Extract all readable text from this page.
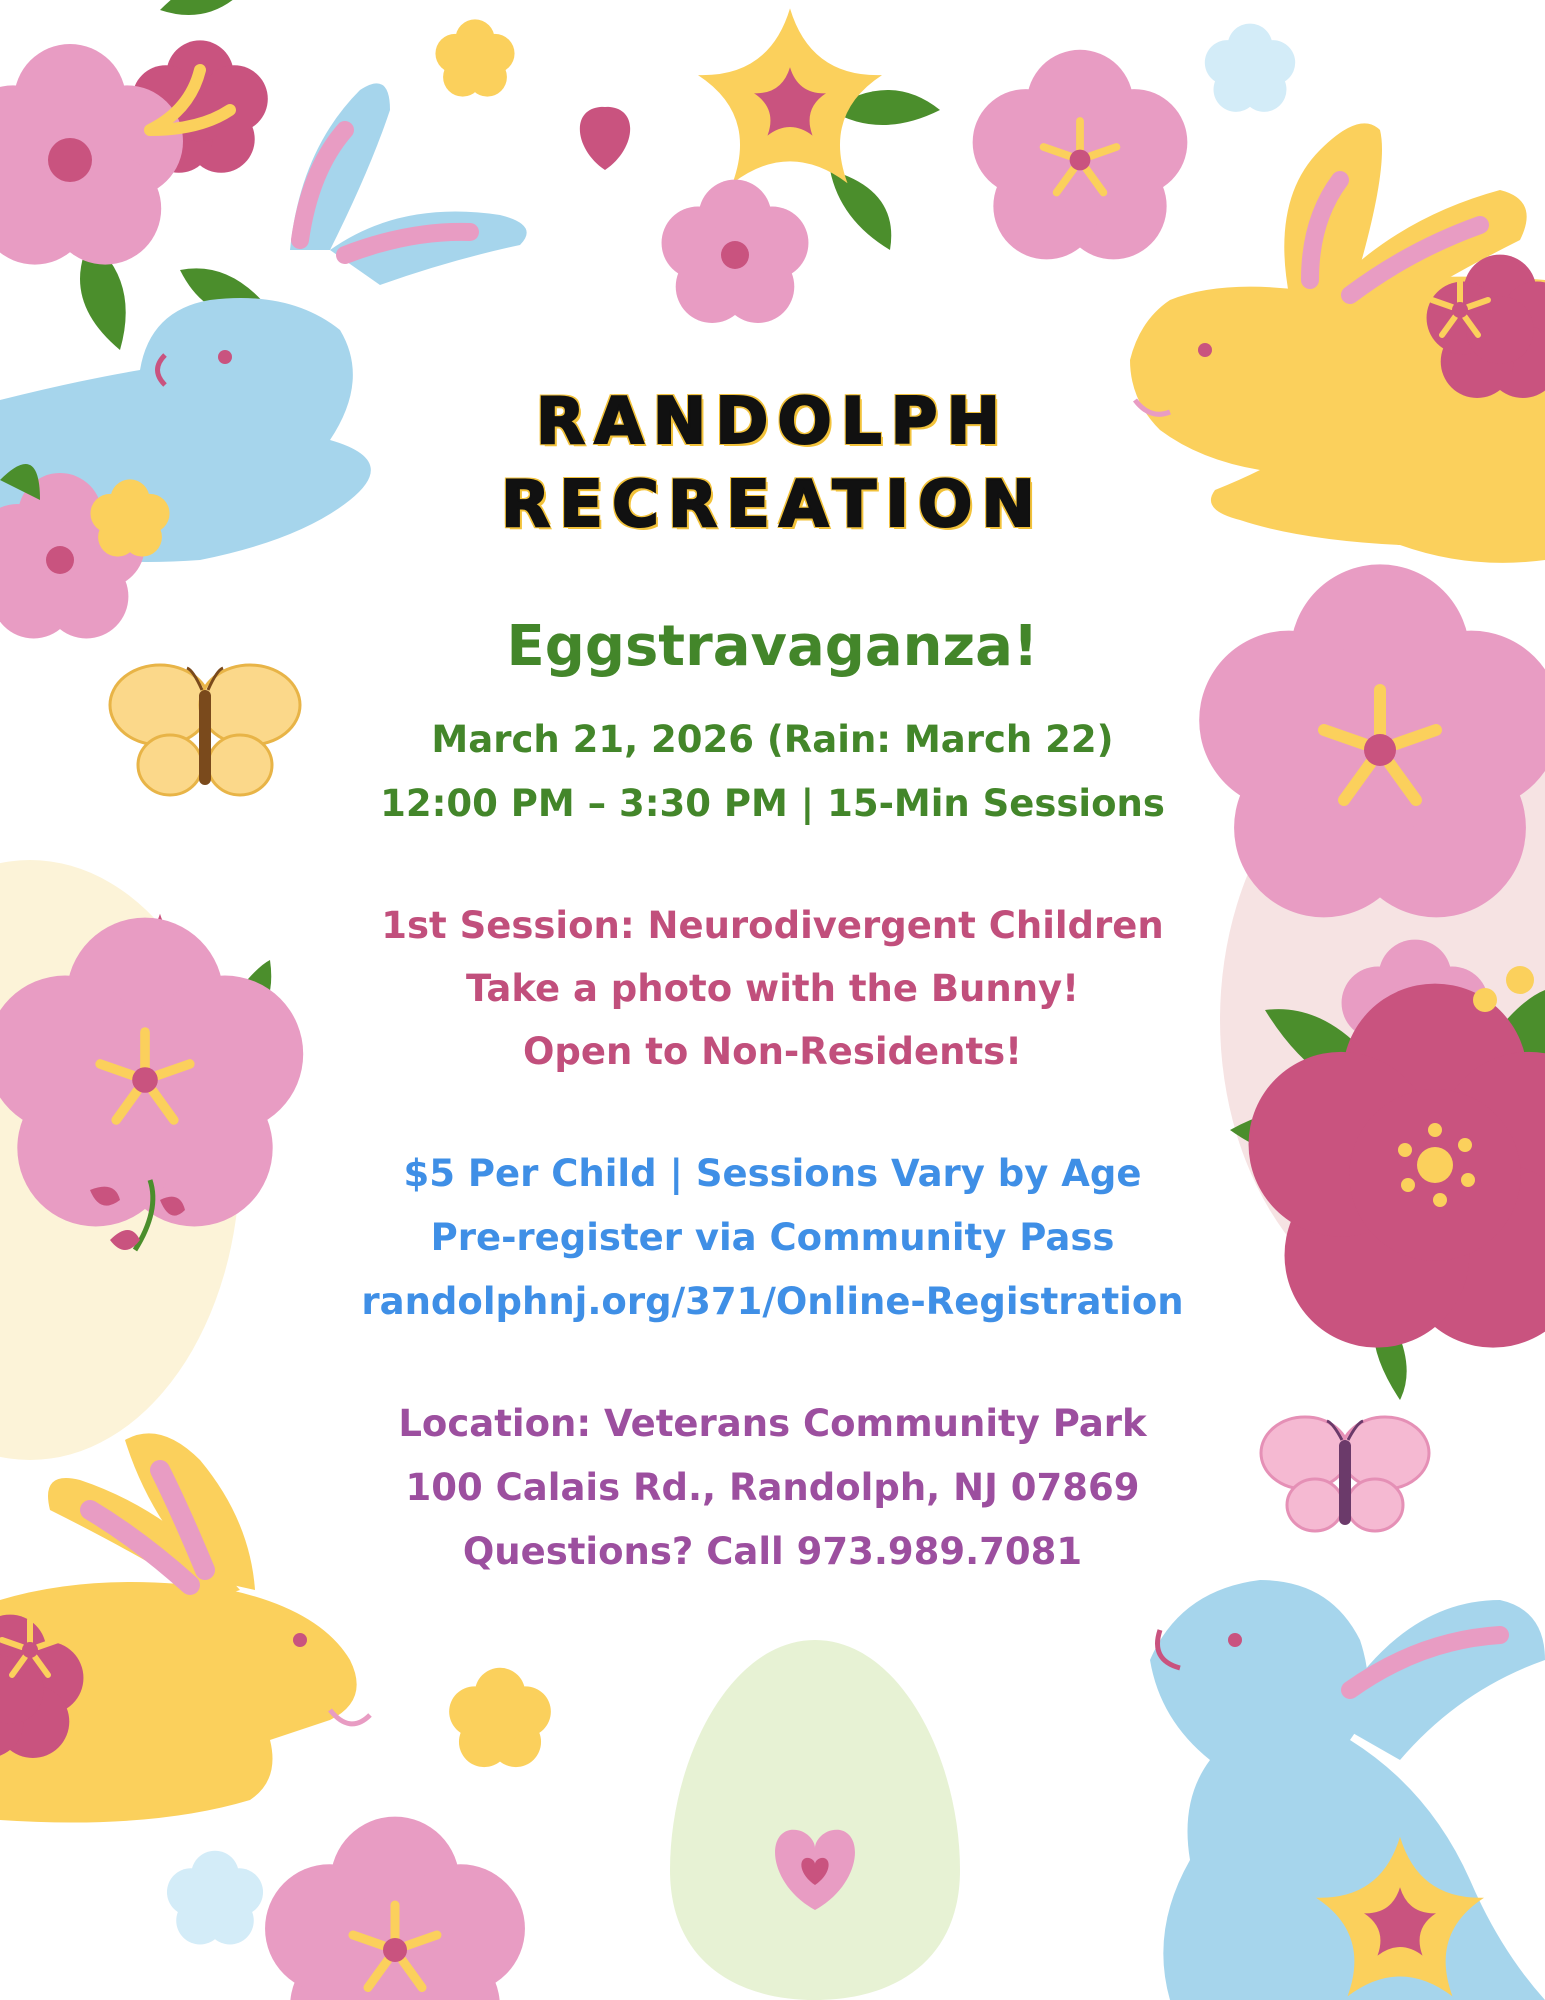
RANDOLPH

RECREATION

Eggstravaganza!

March 21, 2026 (Rain: March 22)

12:00 PM – 3:30 PM | 15-Min Sessions

1st Session: Neurodivergent Children

Take a photo with the Bunny!

Open to Non-Residents!

$5 Per Child | Sessions Vary by Age

Pre-register via Community Pass

randolphnj.org/371/Online-Registration

Location: Veterans Community Park

100 Calais Rd., Randolph, NJ 07869

Questions? Call 973.989.7081
